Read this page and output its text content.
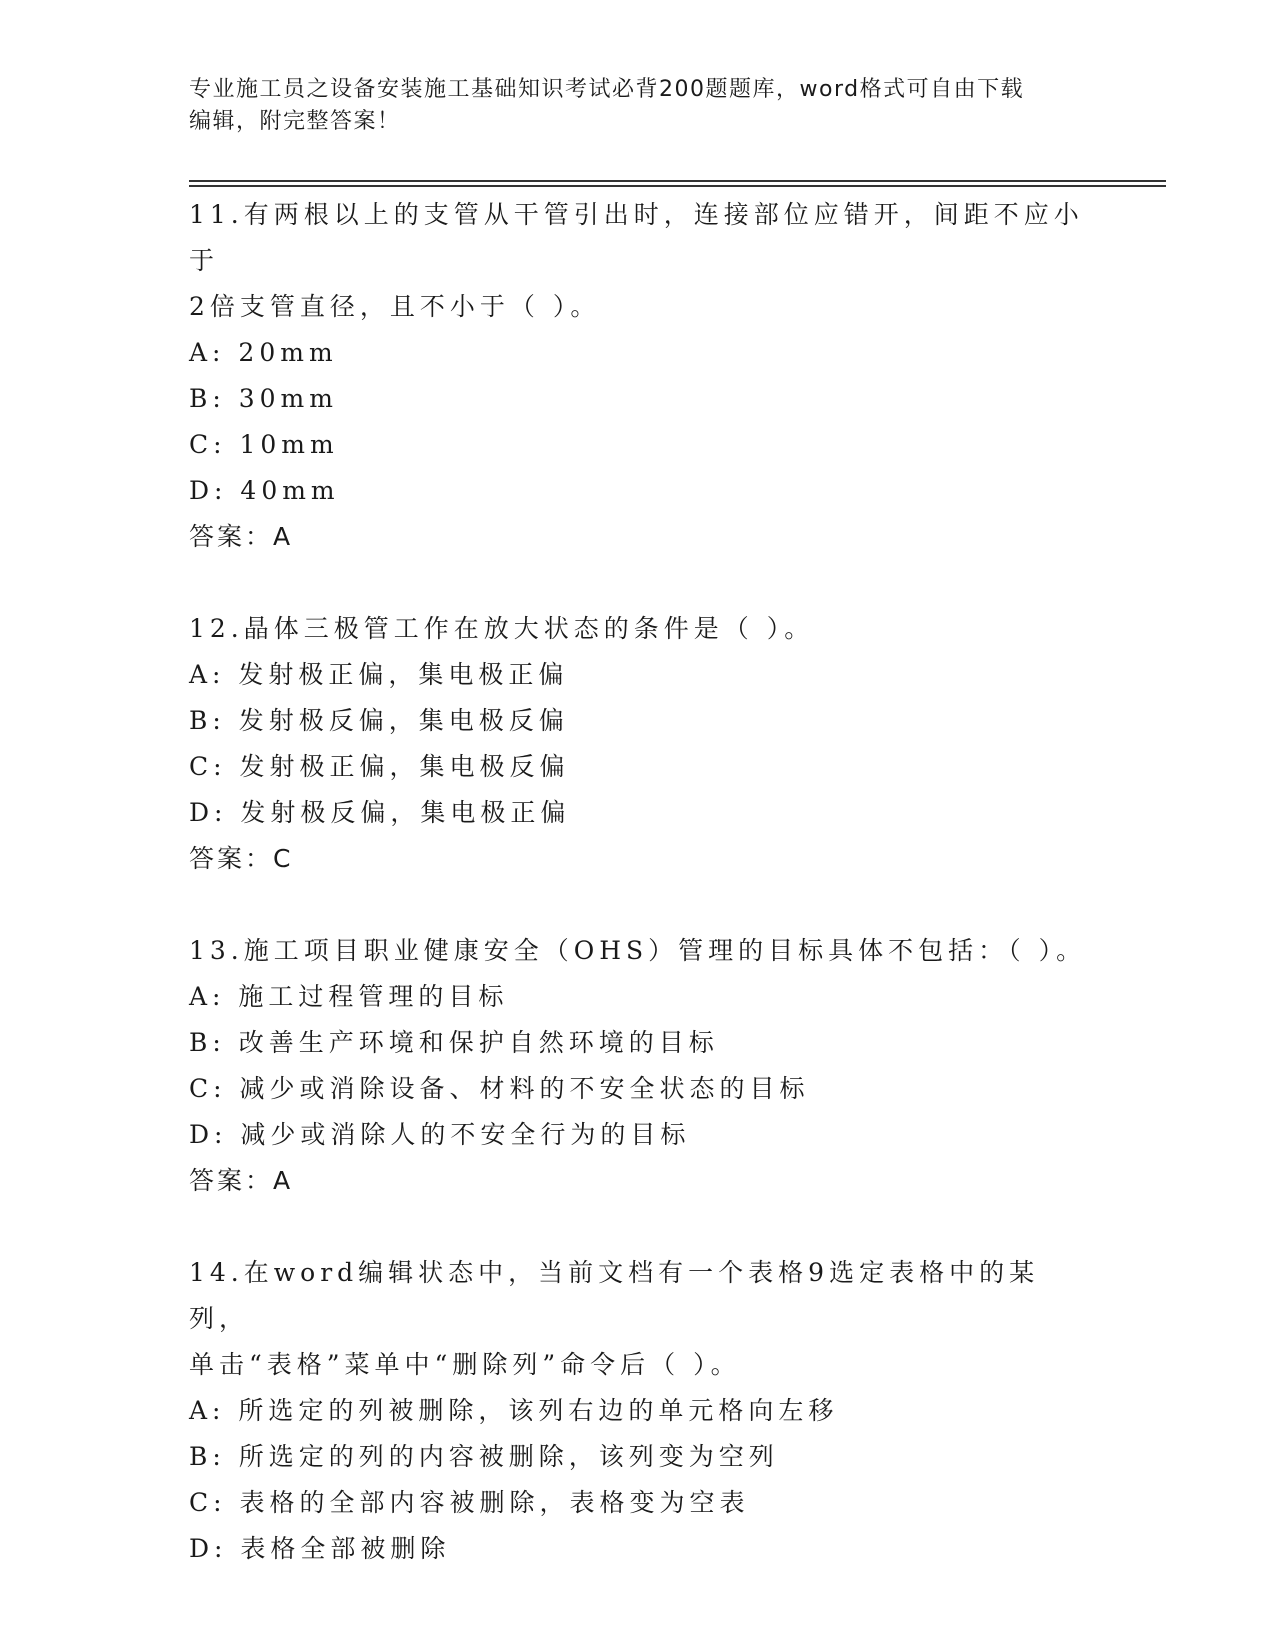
专业施工员之设备安装施工基础知识考试必背200题题库，word格式可自由下载
编辑，附完整答案！
11.有两根以上的支管从干管引出时，连接部位应错开，间距不应小于
2倍支管直径，且不小于（ ）。
A: 20mm
B: 30mm
C: 10mm
D: 40mm
答案：A
12.晶体三极管工作在放大状态的条件是（ ）。
A: 发射极正偏，集电极正偏
B: 发射极反偏，集电极反偏
C: 发射极正偏，集电极反偏
D: 发射极反偏，集电极正偏
答案：C
13.施工项目职业健康安全（OHS）管理的目标具体不包括：（ ）。
A: 施工过程管理的目标
B: 改善生产环境和保护自然环境的目标
C: 减少或消除设备、材料的不安全状态的目标
D: 减少或消除人的不安全行为的目标
答案：A
14.在word编辑状态中，当前文档有一个表格9选定表格中的某列，
单击“表格”菜单中“删除列”命令后（ ）。
A: 所选定的列被删除，该列右边的单元格向左移
B: 所选定的列的内容被删除，该列变为空列
C: 表格的全部内容被删除，表格变为空表
D: 表格全部被删除
